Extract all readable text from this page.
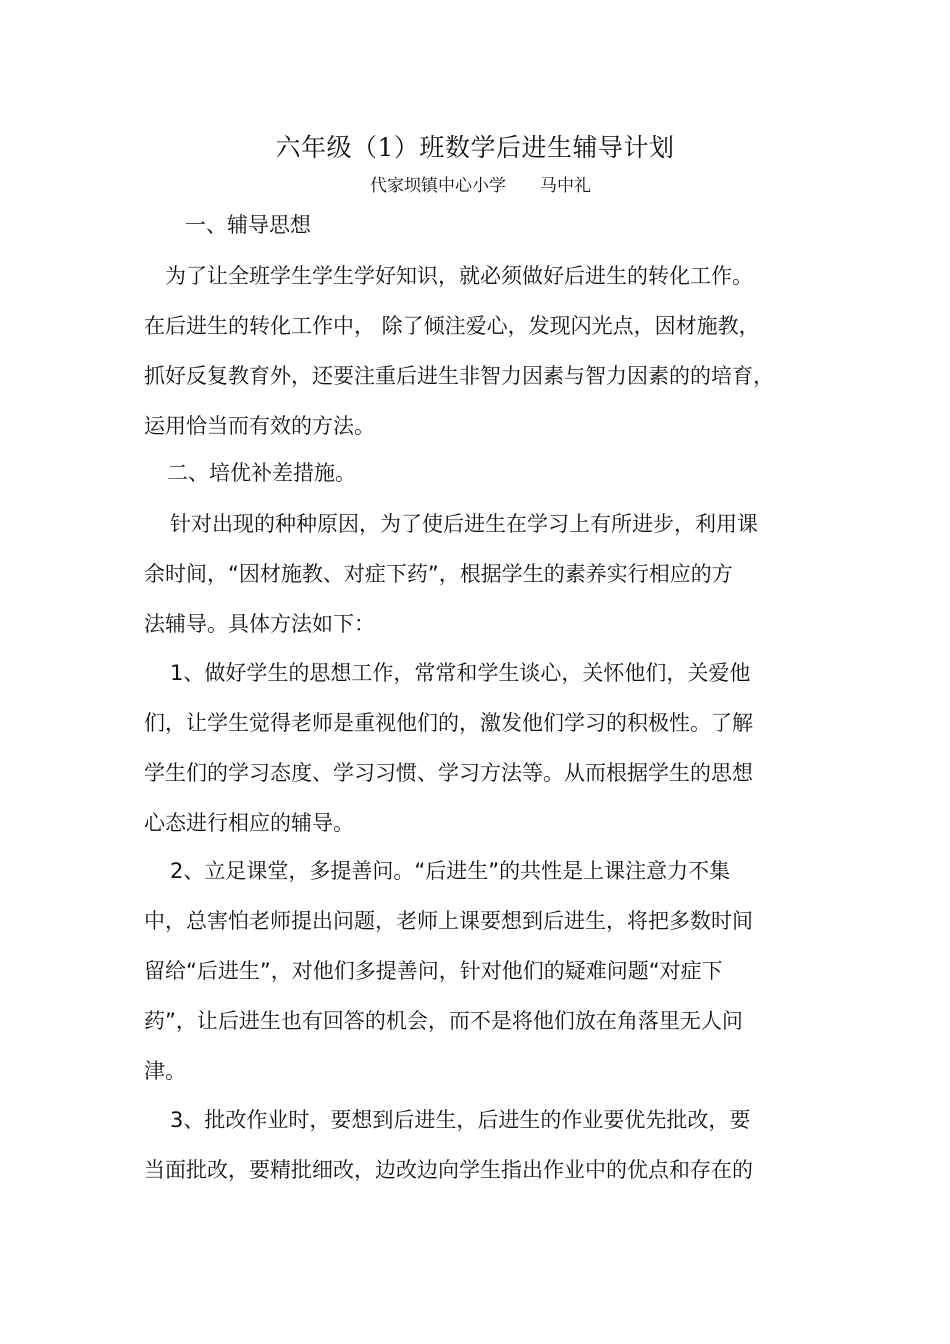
六年级（1）班数学后进生辅导计划
代家坝镇中心小学　　马中礼
一、辅导思想
为了让全班学生学生学好知识，就必须做好后进生的转化工作。
在后进生的转化工作中， 除了倾注爱心，发现闪光点，因材施教，
抓好反复教育外，还要注重后进生非智力因素与智力因素的的培育，
运用恰当而有效的方法。
二、培优补差措施。
针对出现的种种原因，为了使后进生在学习上有所进步，利用课
余时间，“因材施教、对症下药”，根据学生的素养实行相应的方
法辅导。具体方法如下：
1、做好学生的思想工作，常常和学生谈心，关怀他们，关爱他
们，让学生觉得老师是重视他们的，激发他们学习的积极性。了解
学生们的学习态度、学习习惯、学习方法等。从而根据学生的思想
心态进行相应的辅导。
2、立足课堂，多提善问。“后进生”的共性是上课注意力不集
中，总害怕老师提出问题，老师上课要想到后进生，将把多数时间
留给“后进生”，对他们多提善问，针对他们的疑难问题“对症下
药”，让后进生也有回答的机会，而不是将他们放在角落里无人问
津。
3、批改作业时，要想到后进生，后进生的作业要优先批改，要
当面批改，要精批细改，边改边向学生指出作业中的优点和存在的
